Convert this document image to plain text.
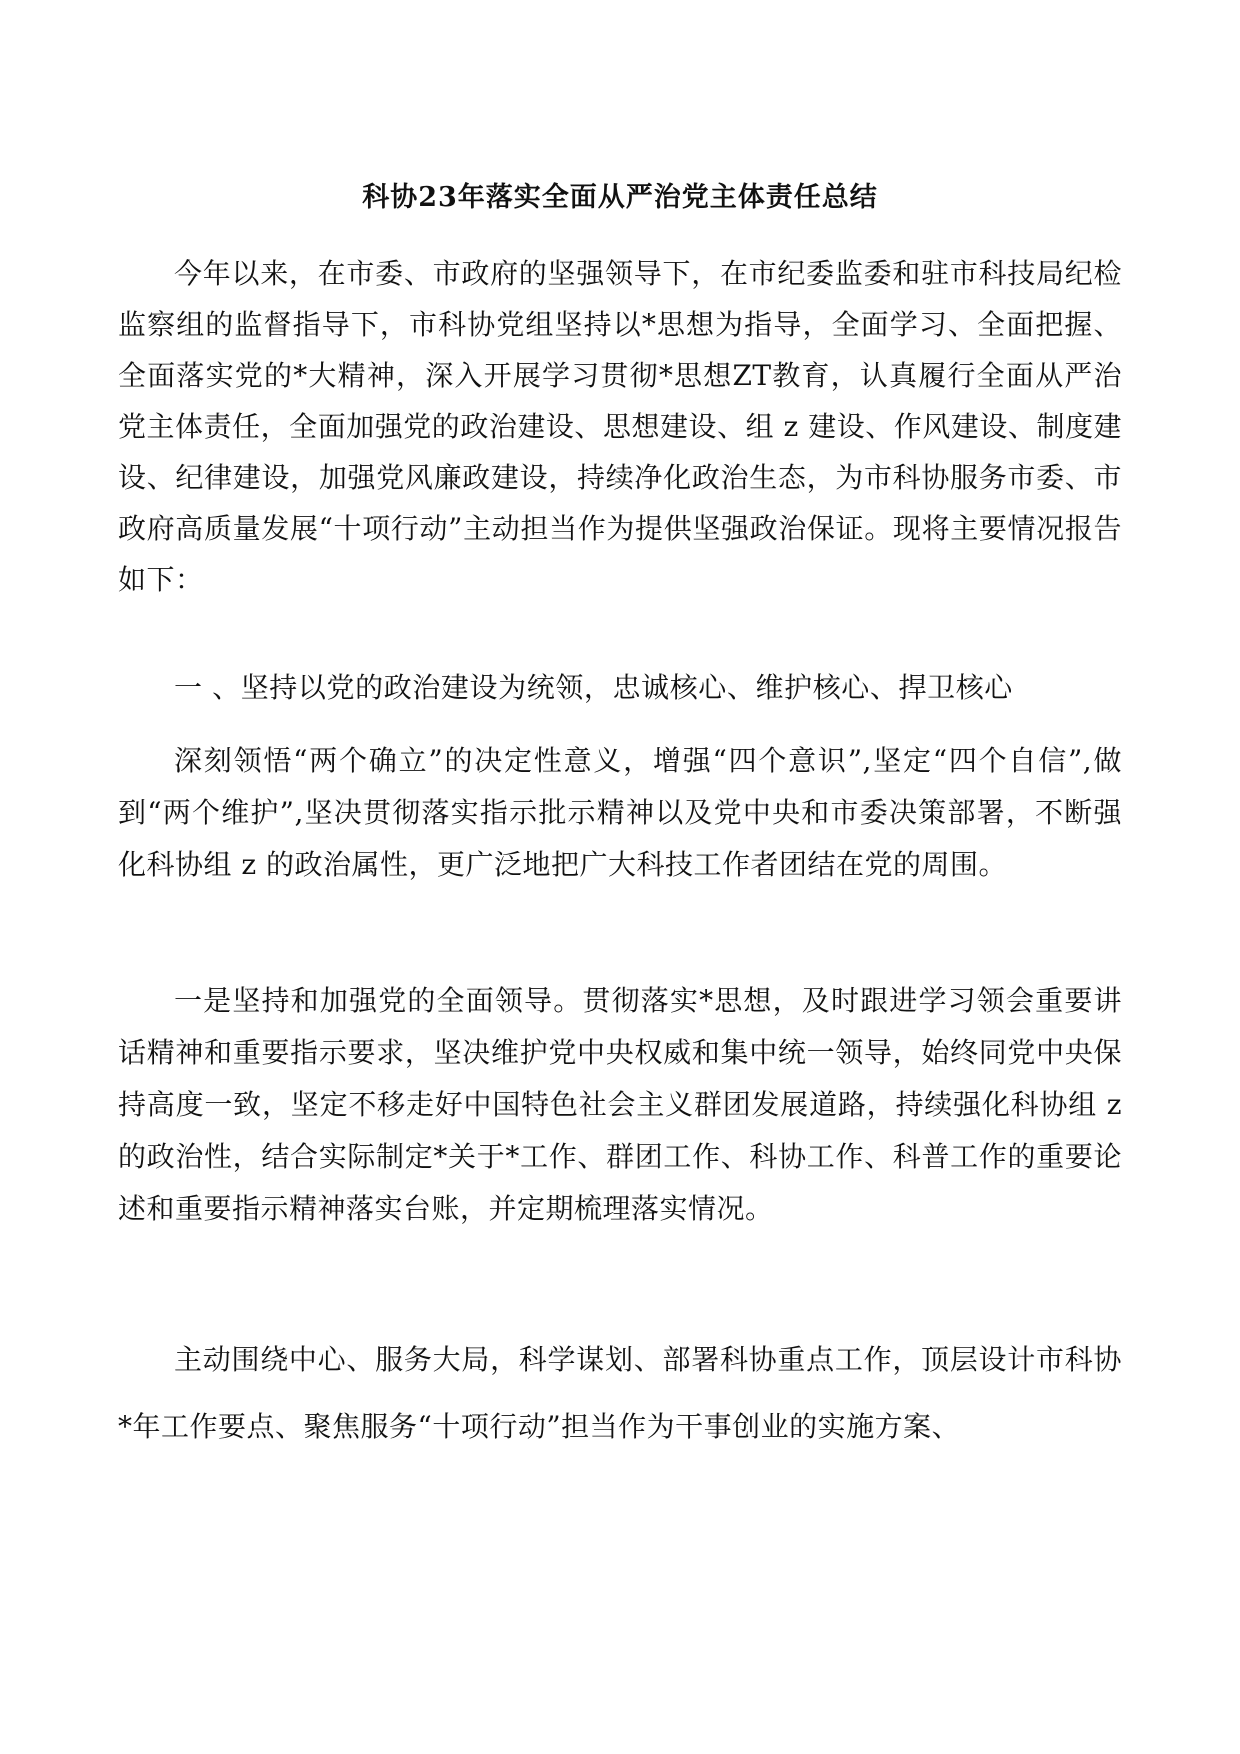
科协23年落实全面从严治党主体责任总结

今年以来，在市委、市政府的坚强领导下，在市纪委监委和驻市科技局纪检监察组的监督指导下，市科协党组坚持以*思想为指导，全面学习、全面把握、全面落实党的*大精神，深入开展学习贯彻*思想ZT教育，认真履行全面从严治党主体责任，全面加强党的政治建设、思想建设、组 z 建设、作风建设、制度建设、纪律建设，加强党风廉政建设，持续净化政治生态，为市科协服务市委、市政府高质量发展“十项行动”主动担当作为提供坚强政治保证。现将主要情况报告如下：

一 、坚持以党的政治建设为统领，忠诚核心、维护核心、捍卫核心

深刻领悟“两个确立”的决定性意义，增强“四个意识”,坚定“四个自信”,做到“两个维护”,坚决贯彻落实指示批示精神以及党中央和市委决策部署，不断强化科协组 z 的政治属性，更广泛地把广大科技工作者团结在党的周围。

一是坚持和加强党的全面领导。贯彻落实*思想，及时跟进学习领会重要讲话精神和重要指示要求，坚决维护党中央权威和集中统一领导，始终同党中央保持高度一致，坚定不移走好中国特色社会主义群团发展道路，持续强化科协组 z 的政治性，结合实际制定*关于*工作、群团工作、科协工作、科普工作的重要论述和重要指示精神落实台账，并定期梳理落实情况。

主动围绕中心、服务大局，科学谋划、部署科协重点工作，顶层设计市科协*年工作要点、聚焦服务“十项行动”担当作为干事创业的实施方案、
